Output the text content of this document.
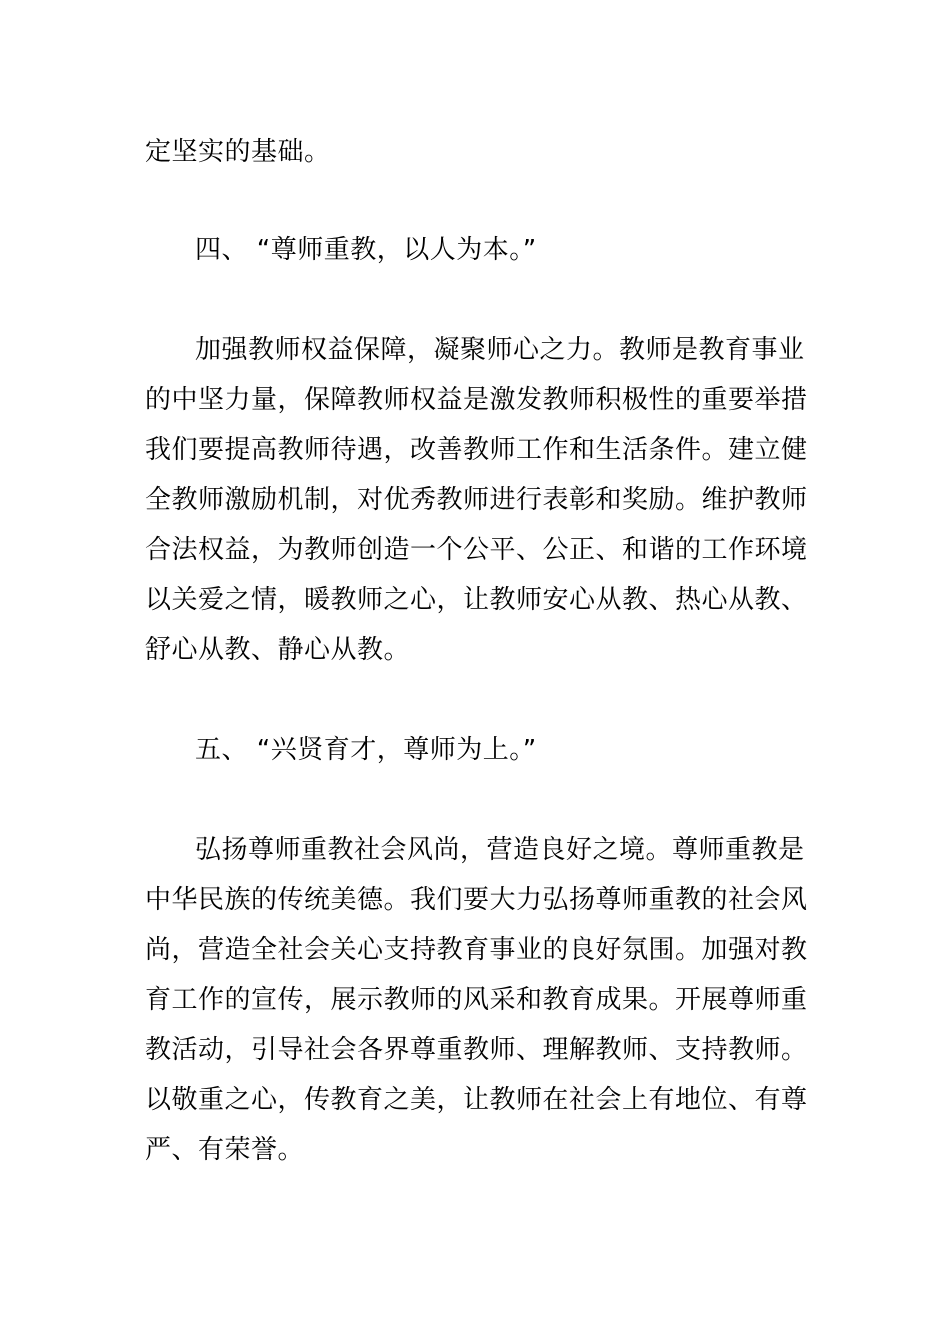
定坚实的基础。
四、 “尊师重教，以人为本。”
加强教师权益保障，凝聚师心之力。教师是教育事业
的中坚力量，保障教师权益是激发教师积极性的重要举措
我们要提高教师待遇，改善教师工作和生活条件。建立健
全教师激励机制，对优秀教师进行表彰和奖励。维护教师
合法权益，为教师创造一个公平、公正、和谐的工作环境
以关爱之情，暖教师之心，让教师安心从教、热心从教、
舒心从教、静心从教。
五、 “兴贤育才，尊师为上。”
弘扬尊师重教社会风尚，营造良好之境。尊师重教是
中华民族的传统美德。我们要大力弘扬尊师重教的社会风
尚，营造全社会关心支持教育事业的良好氛围。加强对教
育工作的宣传，展示教师的风采和教育成果。开展尊师重
教活动，引导社会各界尊重教师、理解教师、支持教师。
以敬重之心，传教育之美，让教师在社会上有地位、有尊
严、有荣誉。
